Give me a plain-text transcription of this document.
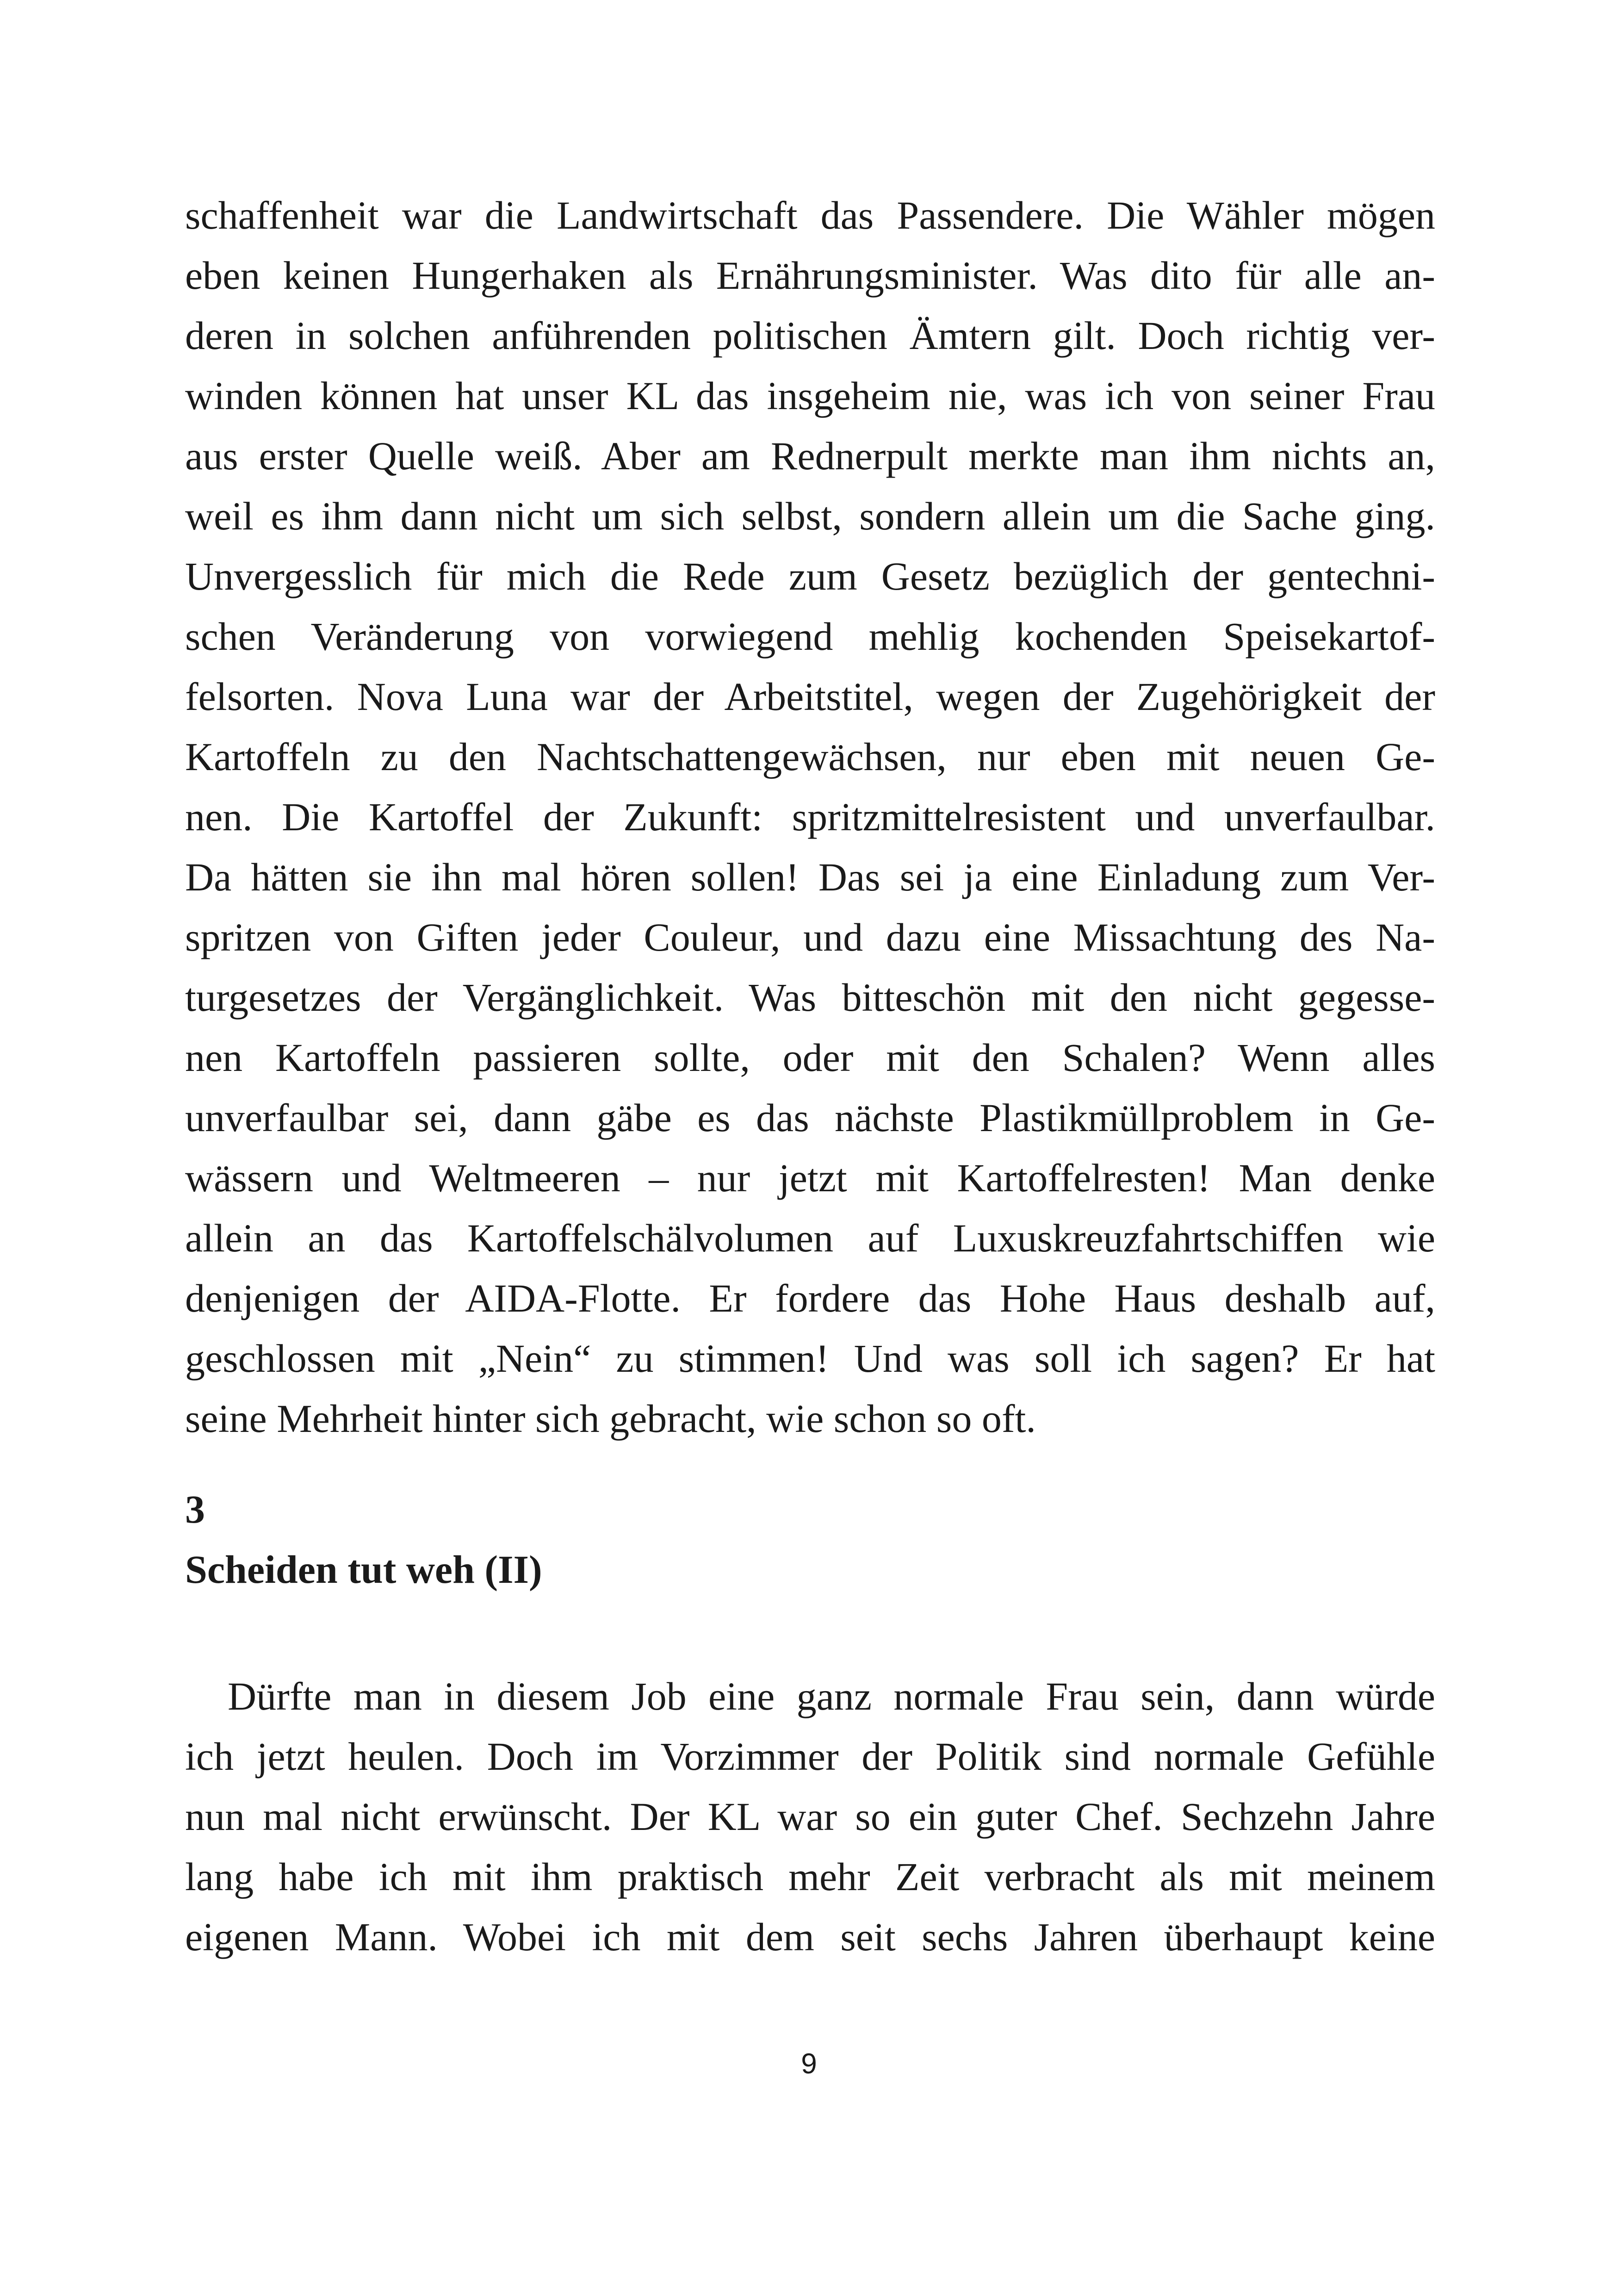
schaffenheit war die Landwirtschaft das Passendere. Die Wähler mögen
eben keinen Hungerhaken als Ernährungsminister. Was dito für alle an-
deren in solchen anführenden politischen Ämtern gilt. Doch richtig ver-
winden können hat unser KL das insgeheim nie, was ich von seiner Frau
aus erster Quelle weiß. Aber am Rednerpult merkte man ihm nichts an,
weil es ihm dann nicht um sich selbst, sondern allein um die Sache ging.
Unvergesslich für mich die Rede zum Gesetz bezüglich der gentechni-
schen Veränderung von vorwiegend mehlig kochenden Speisekartof-
felsorten. Nova Luna war der Arbeitstitel, wegen der Zugehörigkeit der
Kartoffeln zu den Nachtschattengewächsen, nur eben mit neuen Ge-
nen. Die Kartoffel der Zukunft: spritzmittelresistent und unverfaulbar.
Da hätten sie ihn mal hören sollen! Das sei ja eine Einladung zum Ver-
spritzen von Giften jeder Couleur, und dazu eine Missachtung des Na-
turgesetzes der Vergänglichkeit. Was bitteschön mit den nicht gegesse-
nen Kartoffeln passieren sollte, oder mit den Schalen? Wenn alles
unverfaulbar sei, dann gäbe es das nächste Plastikmüllproblem in Ge-
wässern und Weltmeeren – nur jetzt mit Kartoffelresten! Man denke
allein an das Kartoffelschälvolumen auf Luxuskreuzfahrtschiffen wie
denjenigen der AIDA-Flotte. Er fordere das Hohe Haus deshalb auf,
geschlossen mit „Nein“ zu stimmen! Und was soll ich sagen? Er hat
seine Mehrheit hinter sich gebracht, wie schon so oft.
3
Scheiden tut weh (II)
Dürfte man in diesem Job eine ganz normale Frau sein, dann würde
ich jetzt heulen. Doch im Vorzimmer der Politik sind normale Gefühle
nun mal nicht erwünscht. Der KL war so ein guter Chef. Sechzehn Jahre
lang habe ich mit ihm praktisch mehr Zeit verbracht als mit meinem
eigenen Mann. Wobei ich mit dem seit sechs Jahren überhaupt keine
9
